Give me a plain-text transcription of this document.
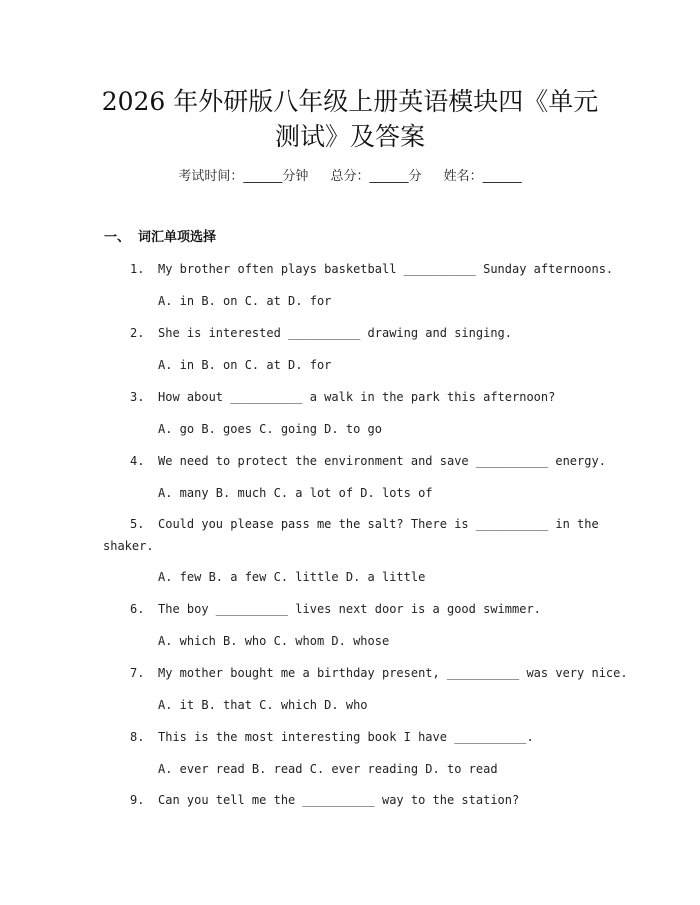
2026 年外研版八年级上册英语模块四《单元
测试》及答案
考试时间：______分钟 总分：______分 姓名：______
一、 词汇单项选择
1. My brother often plays basketball __________ Sunday afternoons.
A. in B. on C. at D. for
2. She is interested __________ drawing and singing.
A. in B. on C. at D. for
3. How about __________ a walk in the park this afternoon?
A. go B. goes C. going D. to go
4. We need to protect the environment and save __________ energy.
A. many B. much C. a lot of D. lots of
5. Could you please pass me the salt? There is __________ in the
shaker.
A. few B. a few C. little D. a little
6. The boy __________ lives next door is a good swimmer.
A. which B. who C. whom D. whose
7. My mother bought me a birthday present, __________ was very nice.
A. it B. that C. which D. who
8. This is the most interesting book I have __________.
A. ever read B. read C. ever reading D. to read
9. Can you tell me the __________ way to the station?
